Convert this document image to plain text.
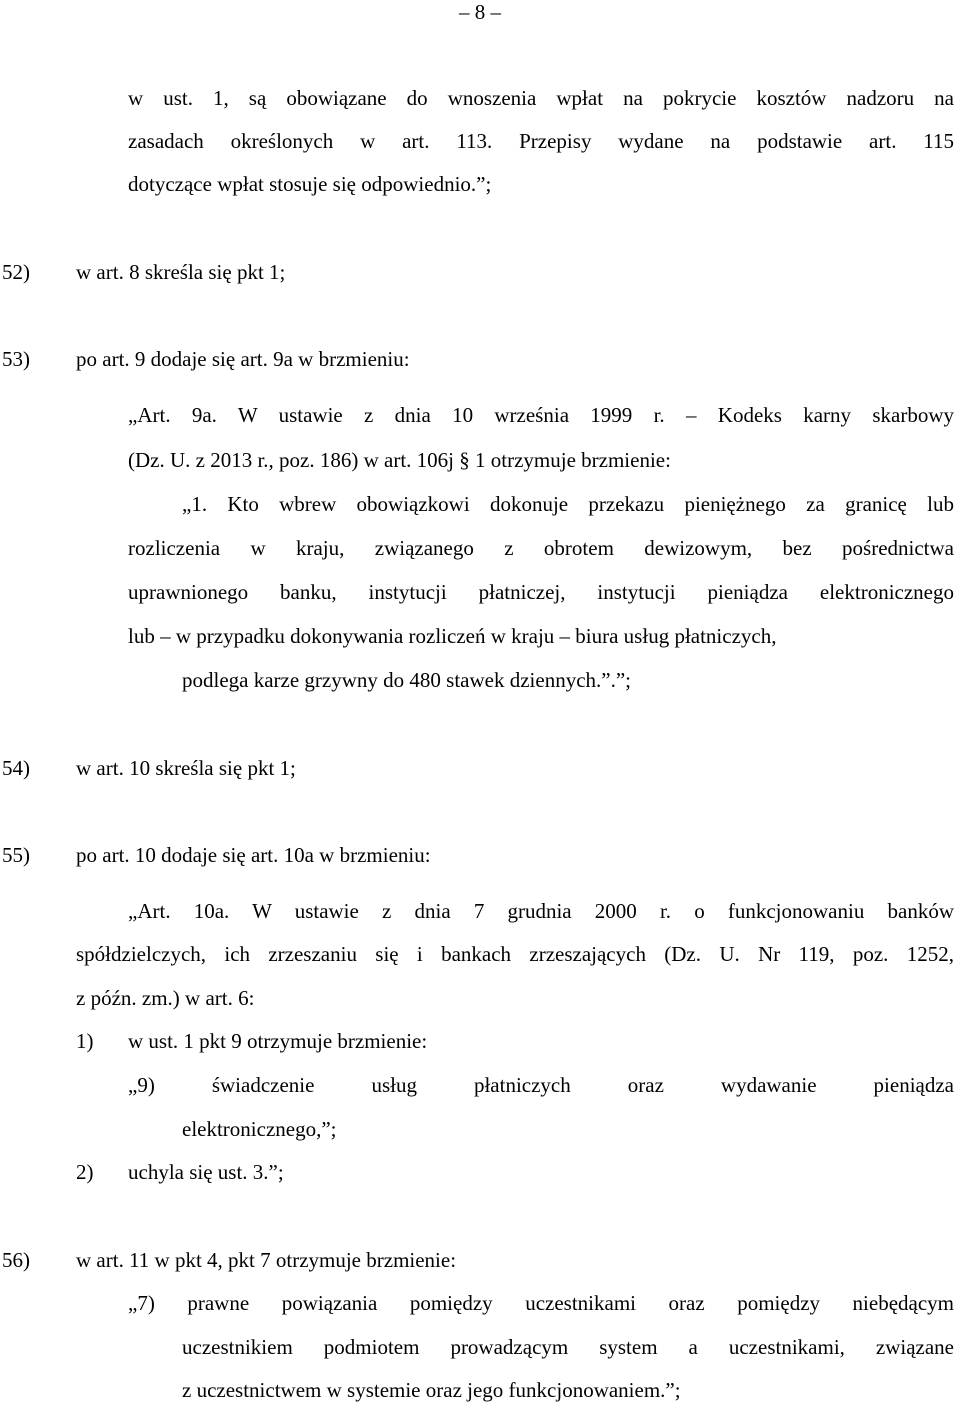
– 8 –
w ust. 1, są obowiązane do wnoszenia wpłat na pokrycie kosztów nadzoru na
zasadach określonych w art. 113. Przepisy wydane na podstawie art. 115
dotyczące wpłat stosuje się odpowiednio.”;
52) w art. 8 skreśla się pkt 1;
53) po art. 9 dodaje się art. 9a w brzmieniu:
„Art. 9a. W ustawie z dnia 10 września 1999 r. – Kodeks karny skarbowy
(Dz. U. z 2013 r., poz. 186) w art. 106j § 1 otrzymuje brzmienie:
„1. Kto wbrew obowiązkowi dokonuje przekazu pieniężnego za granicę lub
rozliczenia w kraju, związanego z obrotem dewizowym, bez pośrednictwa
uprawnionego banku, instytucji płatniczej, instytucji pieniądza elektronicznego
lub – w przypadku dokonywania rozliczeń w kraju – biura usług płatniczych,
podlega karze grzywny do 480 stawek dziennych.”.”;
54) w art. 10 skreśla się pkt 1;
55) po art. 10 dodaje się art. 10a w brzmieniu:
„Art. 10a. W ustawie z dnia 7 grudnia 2000 r. o funkcjonowaniu banków
spółdzielczych, ich zrzeszaniu się i bankach zrzeszających (Dz. U. Nr 119, poz. 1252,
z późn. zm.) w art. 6:
1) w ust. 1 pkt 9 otrzymuje brzmienie:
„9) świadczenie usług płatniczych oraz wydawanie pieniądza
elektronicznego,”;
2) uchyla się ust. 3.”;
56) w art. 11 w pkt 4, pkt 7 otrzymuje brzmienie:
„7) prawne powiązania pomiędzy uczestnikami oraz pomiędzy niebędącym
uczestnikiem podmiotem prowadzącym system a uczestnikami, związane
z uczestnictwem w systemie oraz jego funkcjonowaniem.”;
